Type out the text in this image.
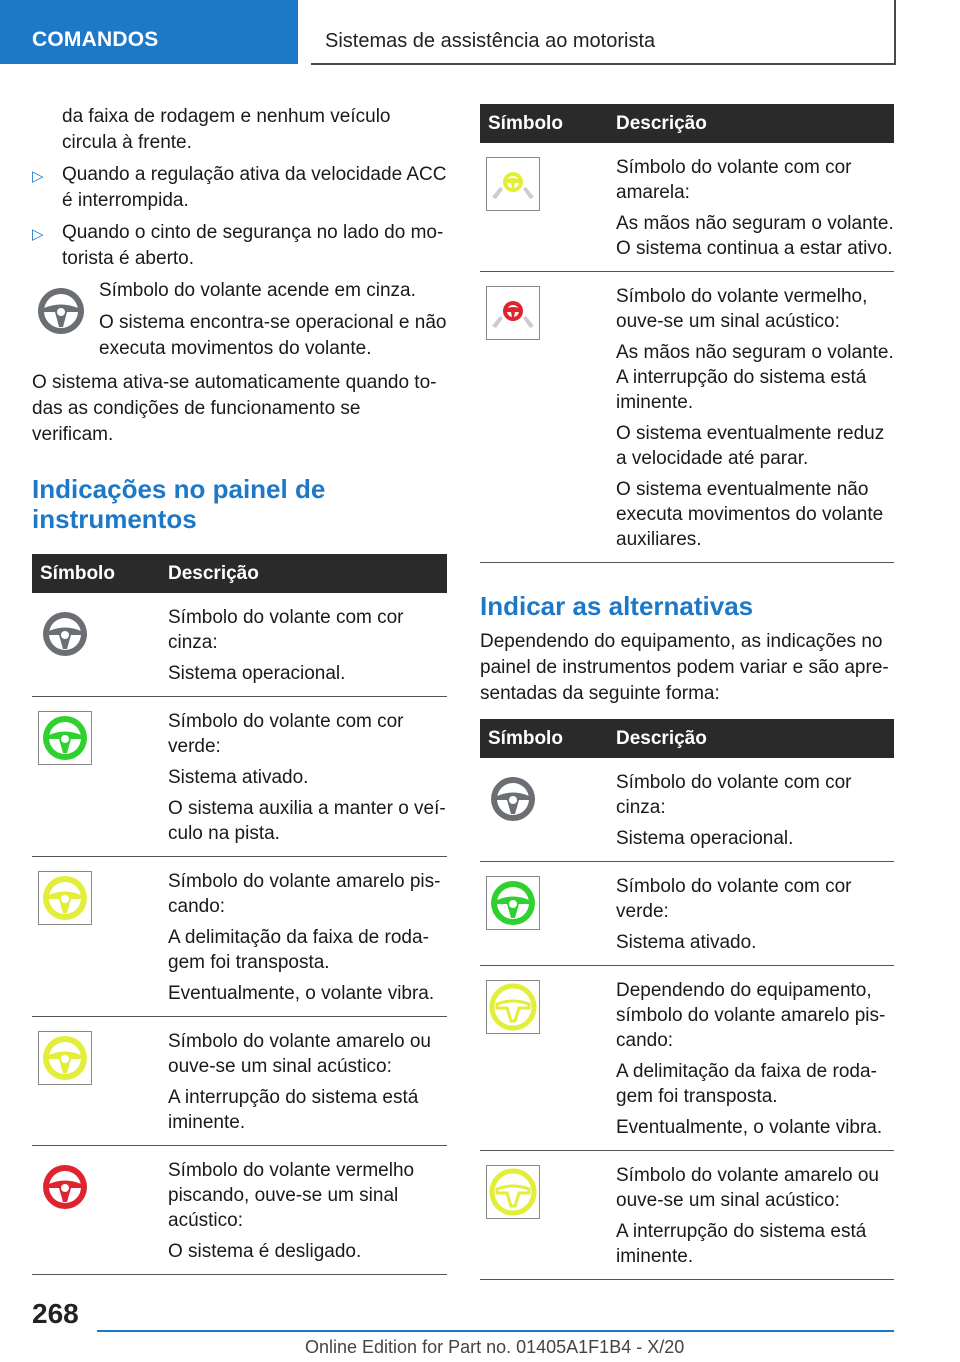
COMANDOS	Sistemas de assistência ao motorista

da faixa de rodagem e nenhum veículo circula à frente.

▷ Quando a regulação ativa da velocidade ACC é interrompida.
▷ Quando o cinto de segurança no lado do motorista é aberto.
Símbolo do volante acende em cinza.
O sistema encontra-se operacional e não executa movimentos do volante.

O sistema ativa-se automaticamente quando todas as condições de funcionamento se verificam.

Indicações no painel de instrumentos
Símbolo	Descrição

Símbolo do volante com cor cinza:
Sistema operacional.

Símbolo do volante com cor verde:
Sistema ativado.
O sistema auxilia a manter o veículo na pista.

Símbolo do volante amarelo piscando:
A delimitação da faixa de rodagem foi transposta.
Eventualmente, o volante vibra.

Símbolo do volante amarelo ou ouve-se um sinal acústico:
A interrupção do sistema está iminente.

Símbolo do volante vermelho piscando, ouve-se um sinal acústico:
O sistema é desligado.
Símbolo	Descrição

Símbolo do volante com cor amarela:
As mãos não seguram o volante. O sistema continua a estar ativo.

Símbolo do volante vermelho, ouve-se um sinal acústico:
As mãos não seguram o volante. A interrupção do sistema está iminente.
O sistema eventualmente reduz a velocidade até parar.
O sistema eventualmente não executa movimentos do volante auxiliares.
Indicar as alternativas

Dependendo do equipamento, as indicações no painel de instrumentos podem variar e são apresentadas da seguinte forma:

Símbolo	Descrição

Símbolo do volante com cor cinza:
Sistema operacional.

Símbolo do volante com cor verde:
Sistema ativado.

Dependendo do equipamento, símbolo do volante amarelo piscando:
A delimitação da faixa de rodagem foi transposta.
Eventualmente, o volante vibra.

Símbolo do volante amarelo ou ouve-se um sinal acústico:
A interrupção do sistema está iminente.
268
Online Edition for Part no. 01405A1F1B4 - X/20
